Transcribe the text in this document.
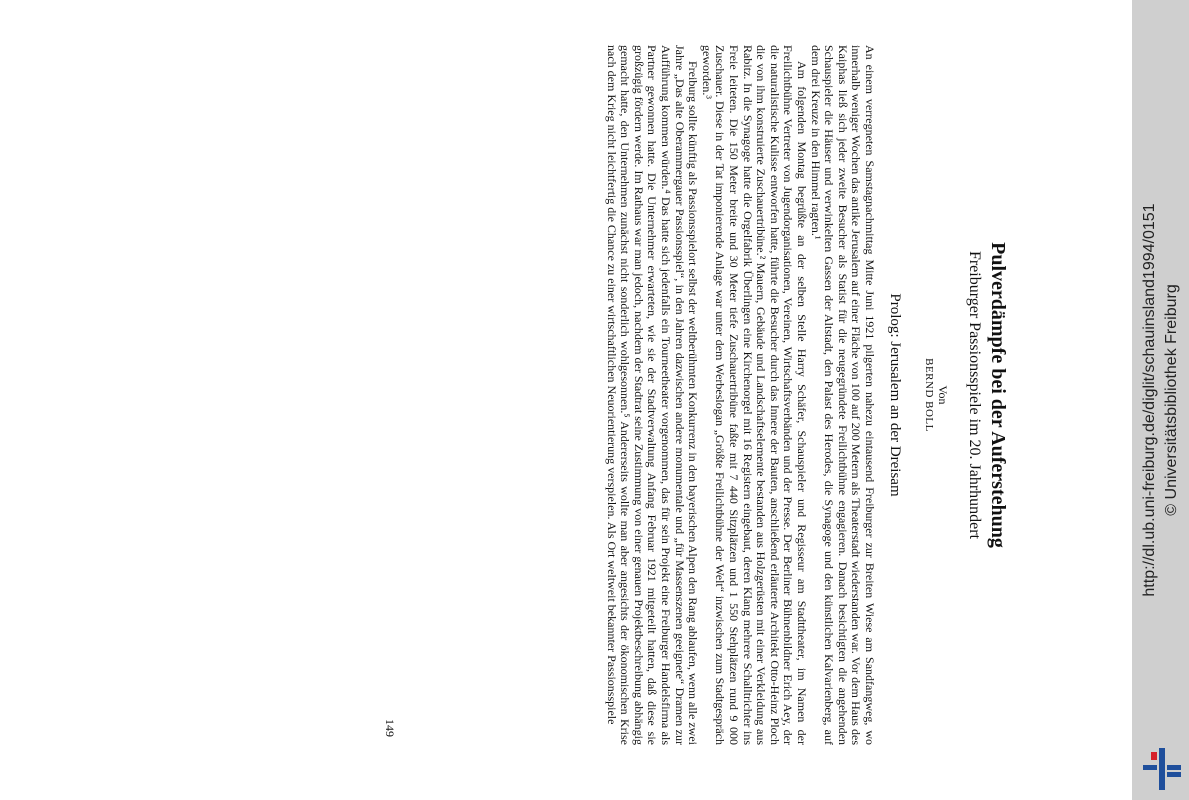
Pulverdämpfe bei der Auferstehung
Freiburger Passionsspiele im 20. Jahrhundert
Von
BERND BOLL
Prolog: Jerusalem an der Dreisam

An einem verregneten Samstagnachmittag Mitte Juni 1921 pilgerten nahezu eintausend Freiburger zur Breiten Wiese am Sandfangweg, wo innerhalb weniger Wochen das antike Jerusalem auf einer Fläche von 100 auf 200 Metern als Theaterstadt wiederstanden war. Vor dem Haus des Kaiphas ließ sich jeder zweite Besucher als Statist für die neugegründete Freilichtbühne engagieren. Danach besichtigten die angehenden Schauspieler die Häuser und verwinkelten Gassen der Altstadt, den Palast des Herodes, die Synagoge und den künstlichen Kalvarienberg, auf dem drei Kreuze in den Himmel ragten.¹

Am folgenden Montag begrüßte an der selben Stelle Harry Schäfer, Schauspieler und Regisseur am Stadttheater, im Namen der Freilichtbühne Vertreter von Jugendorganisationen, Vereinen, Wirtschaftsverbänden und der Presse. Der Berliner Bühnenbildner Erich Aey, der die naturalistische Kulisse entworfen hatte, führte die Besucher durch das Innere der Bauten, anschließend erläuterte Architekt Otto-Heinz Ploch die von ihm konstruierte Zuschauertribüne.² Mauern, Gebäude und Landschaftselemente bestanden aus Holzgerüsten mit einer Verkleidung aus Rabitz. In die Synagoge hatte die Orgelfabrik Überlingen eine Kirchenorgel mit 16 Registern eingebaut, deren Klang mehrere Schalltrichter ins Freie leiteten. Die 150 Meter breite und 30 Meter tiefe Zuschauertribüne faßte mit 7 440 Sitzplätzen und 1 550 Stehplätzen rund 9 000 Zuschauer. Diese in der Tat imponierende Anlage war unter dem Werbeslogan „Größte Freilichtbühne der Welt“ inzwischen zum Stadtgespräch geworden.³

Freiburg sollte künftig als Passionsspielort selbst der weltberühmten Konkurrenz in den bayerischen Alpen den Rang ablaufen, wenn alle zwei Jahre „Das alte Oberammergauer Passionsspiel“, in den Jahren dazwischen andere monumentale und „für Massenszenen geeignete“ Dramen zur Aufführung kommen würden.⁴ Das hatte sich jedenfalls ein Tourneetheater vorgenommen, das für sein Projekt eine Freiburger Handelsfirma als Partner gewonnen hatte. Die Unternehmer erwarteten, wie sie der Stadtverwaltung Anfang Februar 1921 mitgeteilt hatten, daß diese sie großzügig fördern werde. Im Rathaus war man jedoch, nachdem der Stadtrat seine Zustimmung von einer genauen Projektbeschreibung abhängig gemacht hatte, den Unternehmen zunächst nicht sonderlich wohlgesonnen.⁵ Andererseits wollte man aber angesichts der ökonomischen Krise nach dem Krieg nicht leichtfertig die Chance zu einer wirtschaftlichen Neuorientierung verspielen. Als Ort weltweit bekannter Passionsspiele

149
http://dl.ub.uni-freiburg.de/diglit/schauinsland1994/0151 © Universitätsbibliothek Freiburg
